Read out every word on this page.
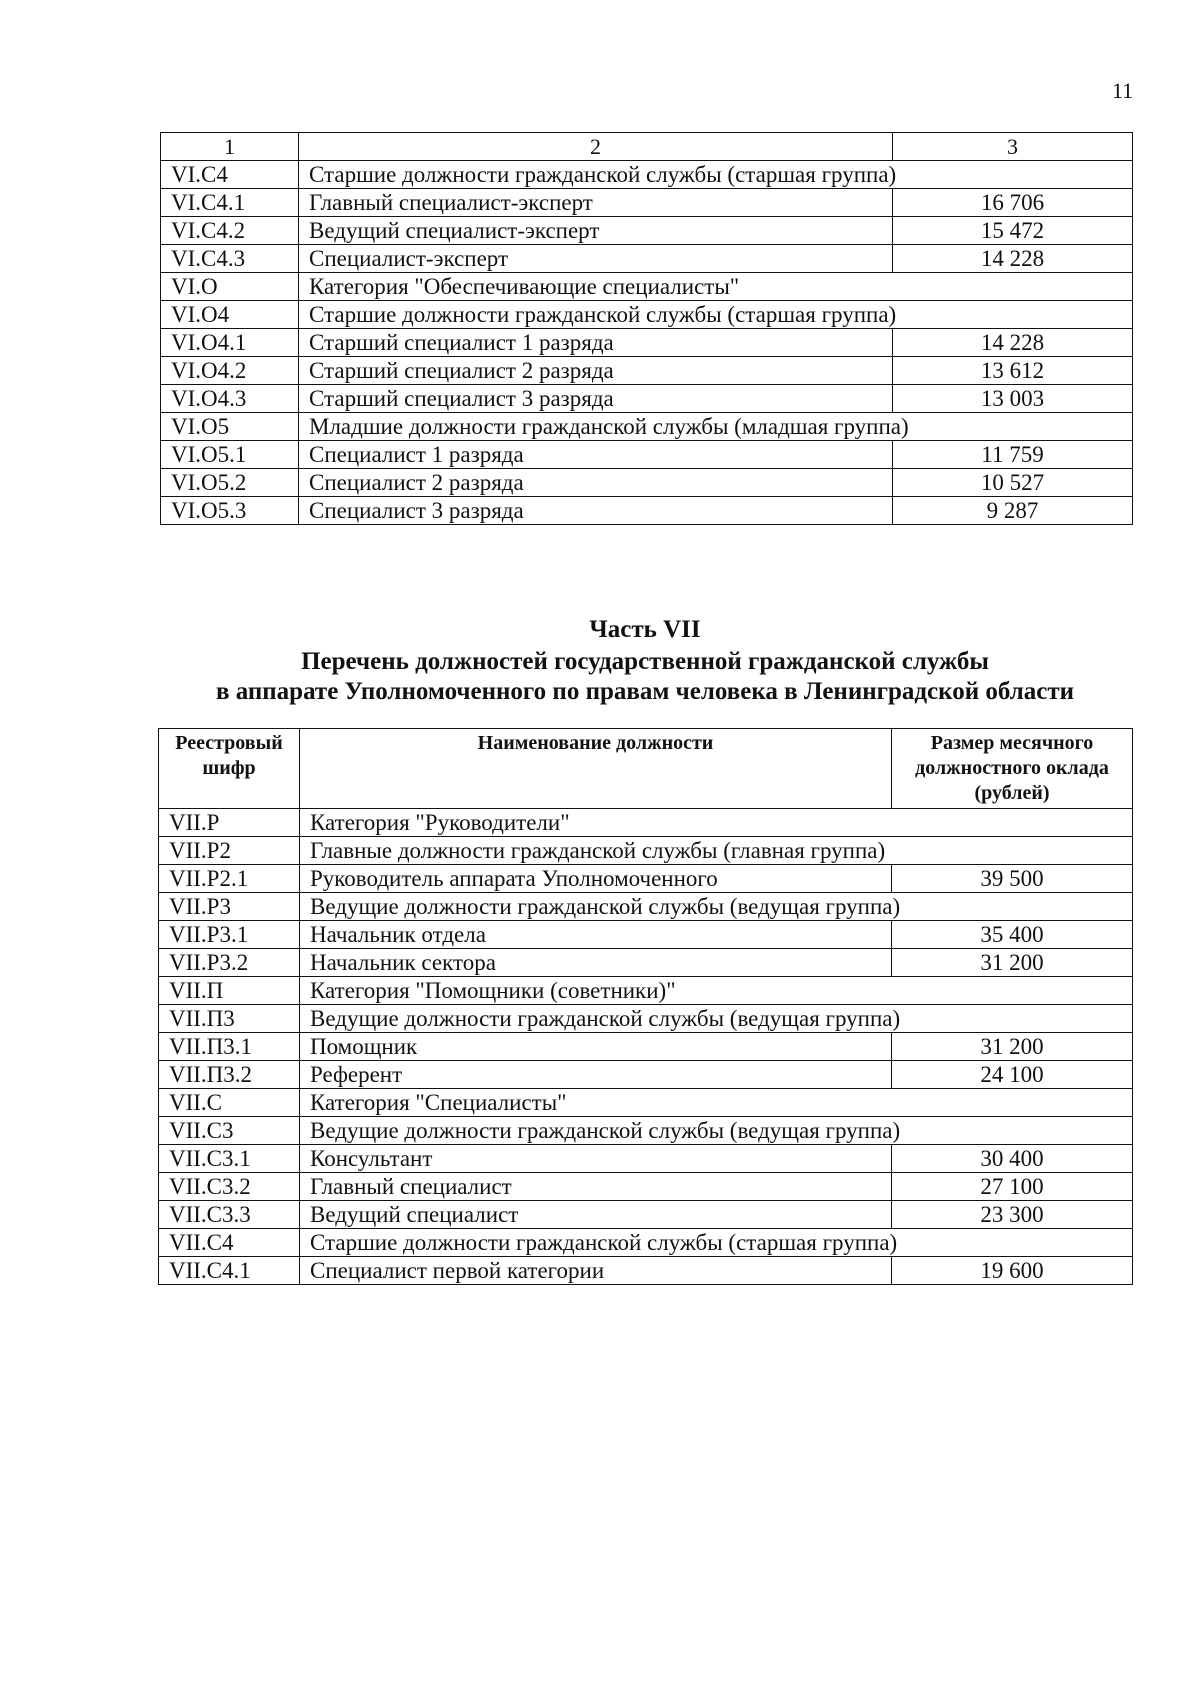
11
1	2	3
VI.C4	Старшие должности гражданской службы (старшая группа)	
VI.C4.1	Главный специалист-эксперт	16 706
VI.C4.2	Ведущий специалист-эксперт	15 472
VI.C4.3	Специалист-эксперт	14 228
VI.O	Категория "Обеспечивающие специалисты"	
VI.O4	Старшие должности гражданской службы (старшая группа)	
VI.O4.1	Старший специалист 1 разряда	14 228
VI.O4.2	Старший специалист 2 разряда	13 612
VI.O4.3	Старший специалист 3 разряда	13 003
VI.O5	Младшие должности гражданской службы (младшая группа)	
VI.O5.1	Специалист 1 разряда	11 759
VI.O5.2	Специалист 2 разряда	10 527
VI.O5.3	Специалист 3 разряда	9 287
Часть VII
Перечень должностей государственной гражданской службы
в аппарате Уполномоченного по правам человека в Ленинградской области
Реестровый шифр	Наименование должности	Размер месячного должностного оклада (рублей)
VII.P	Категория "Руководители"	
VII.P2	Главные должности гражданской службы (главная группа)	
VII.P2.1	Руководитель аппарата Уполномоченного	39 500
VII.P3	Ведущие должности гражданской службы (ведущая группа)	
VII.P3.1	Начальник отдела	35 400
VII.P3.2	Начальник сектора	31 200
VII.П	Категория "Помощники (советники)"	
VII.П3	Ведущие должности гражданской службы (ведущая группа)	
VII.П3.1	Помощник	31 200
VII.П3.2	Референт	24 100
VII.C	Категория "Специалисты"	
VII.C3	Ведущие должности гражданской службы (ведущая группа)	
VII.C3.1	Консультант	30 400
VII.C3.2	Главный специалист	27 100
VII.C3.3	Ведущий специалист	23 300
VII.C4	Старшие должности гражданской службы (старшая группа)	
VII.C4.1	Специалист первой категории	19 600
